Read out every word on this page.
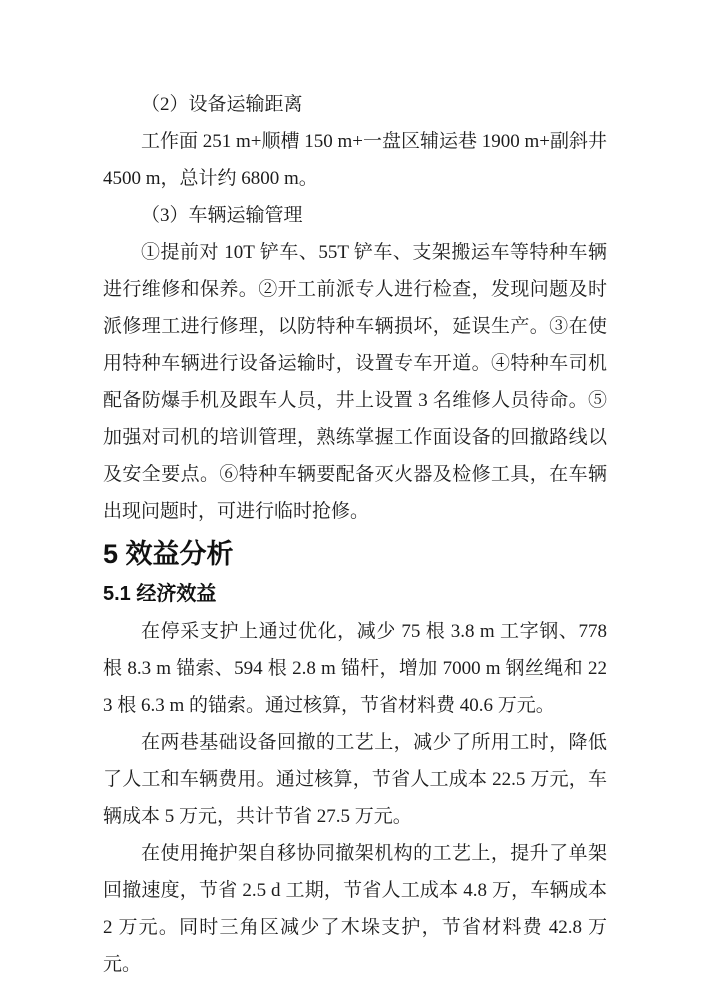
（2）设备运输距离

工作面 251 m+顺槽 150 m+一盘区辅运巷 1900 m+副斜井 4500 m，总计约 6800 m。

（3）车辆运输管理

①提前对 10T 铲车、55T 铲车、支架搬运车等特种车辆进行维修和保养。②开工前派专人进行检查，发现问题及时派修理工进行修理，以防特种车辆损坏，延误生产。③在使用特种车辆进行设备运输时，设置专车开道。④特种车司机配备防爆手机及跟车人员，井上设置 3 名维修人员待命。⑤加强对司机的培训管理，熟练掌握工作面设备的回撤路线以及安全要点。⑥特种车辆要配备灭火器及检修工具，在车辆出现问题时，可进行临时抢修。

5 效益分析

5.1 经济效益

在停采支护上通过优化，减少 75 根 3.8 m 工字钢、778 根 8.3 m 锚索、594 根 2.8 m 锚杆，增加 7000 m 钢丝绳和 223 根 6.3 m 的锚索。通过核算，节省材料费 40.6 万元。

在两巷基础设备回撤的工艺上，减少了所用工时，降低了人工和车辆费用。通过核算，节省人工成本 22.5 万元，车辆成本 5 万元，共计节省 27.5 万元。

在使用掩护架自移协同撤架机构的工艺上，提升了单架回撤速度，节省 2.5 d 工期，节省人工成本 4.8 万，车辆成本 2 万元。同时三角区减少了木垛支护，节省材料费 42.8 万元。
